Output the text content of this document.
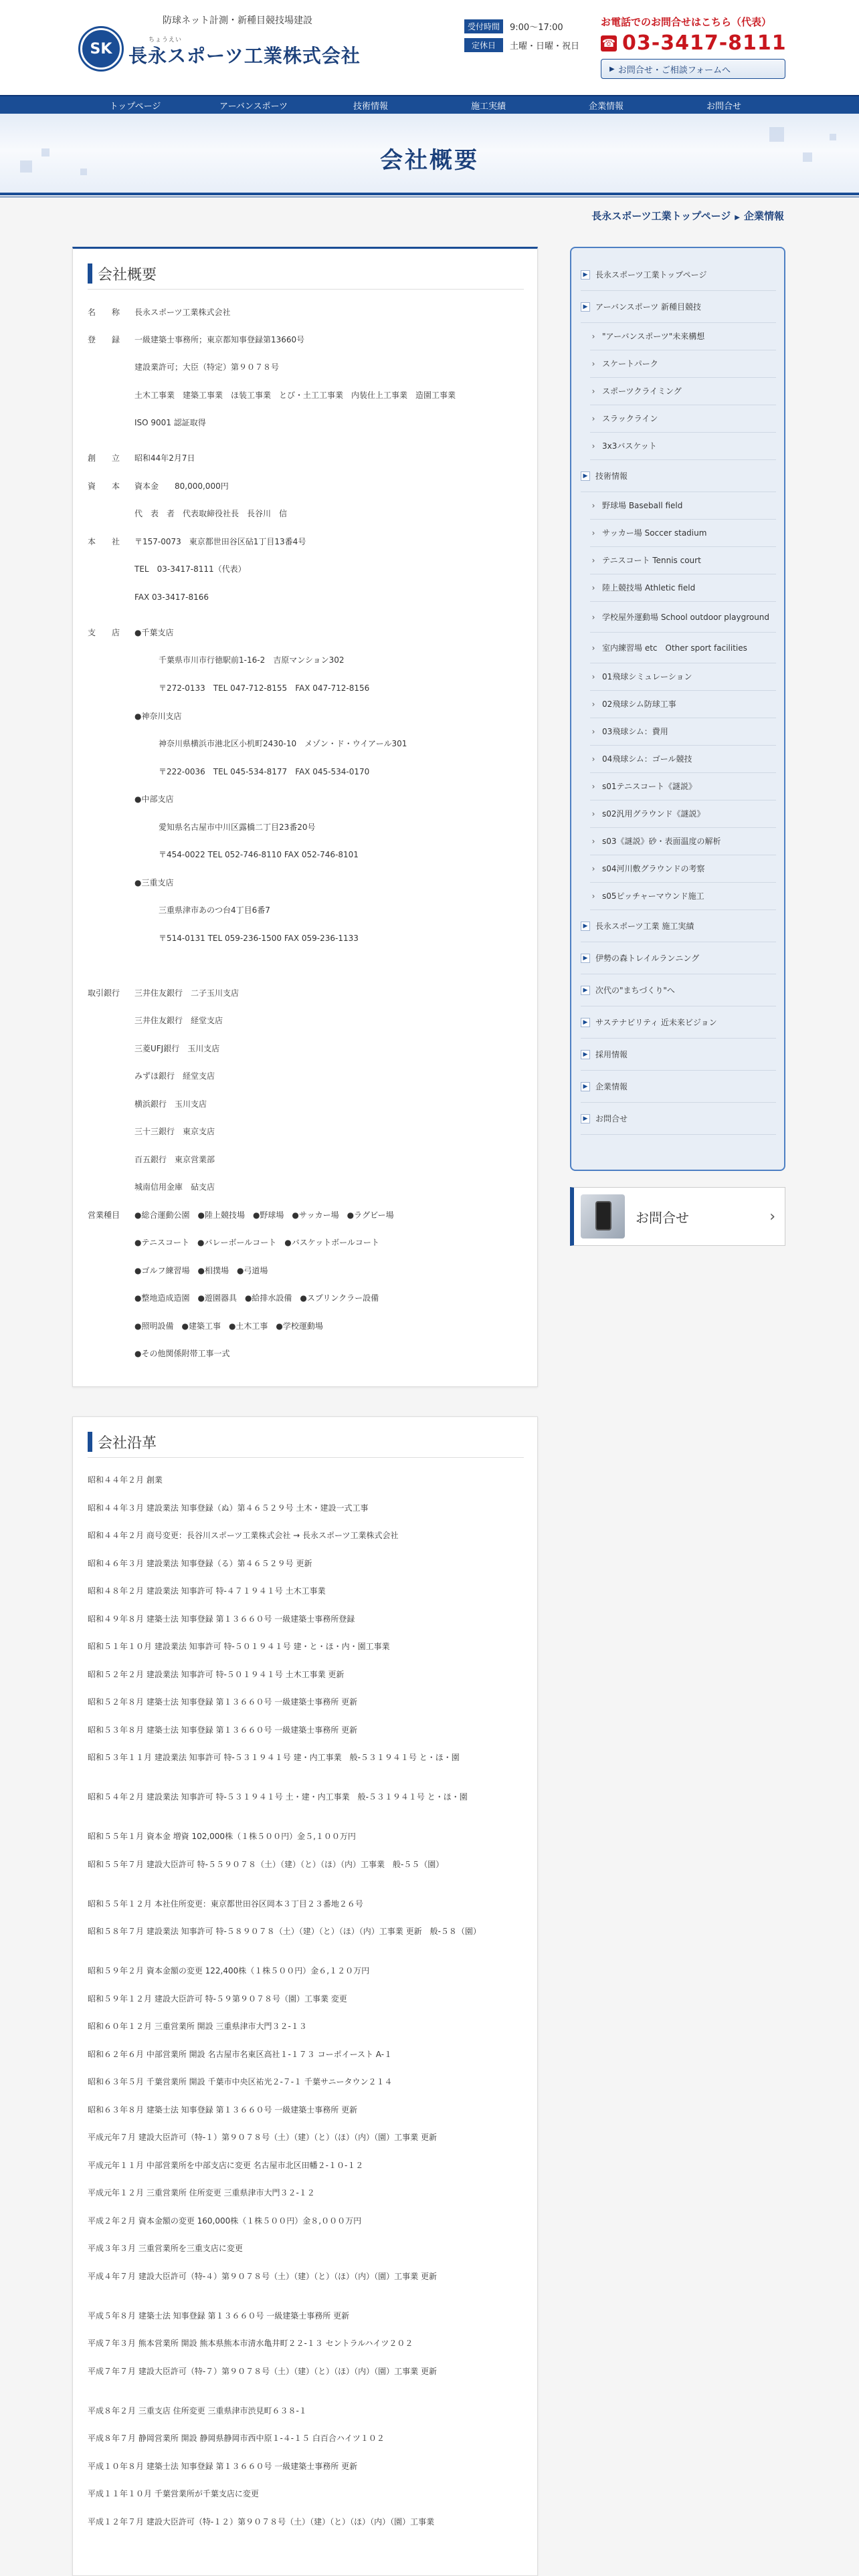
防球ネット計測・新種目競技場建設
SK
ちょうえい
長永スポーツ工業株式会社
受付時間	9:00～17:00
定休日	土曜・日曜・祝日
お電話でのお問合せはこちら（代表）
☎ 03-3417-8111
▶ お問合せ・ご相談フォームへ
トップページ	アーバンスポーツ	技術情報	施工実績	企業情報	お問合せ
会社概要
長永スポーツ工業トップページ ▶ 企業情報
会社概要
名　　称 長永スポーツ工業株式会社
登　　録 一級建築士事務所；東京都知事登録第13660号
建設業許可；大臣（特定）第９０７８号
土木工事業　建築工事業　ほ装工事業　とび・土工工事業　内装仕上工事業　造園工事業
ISO 9001 認証取得
創　　立 昭和44年2月7日
資　　本 資本金　　80,000,000円
代　表　者　代表取締役社長　長谷川　信
本　　社 〒157-0073　東京都世田谷区砧1丁目13番4号
TEL　03-3417-8111（代表）
FAX 03-3417-8166
支　　店 ●千葉支店
千葉県市川市行徳駅前1-16-2　吉原マンション302
〒272-0133　TEL 047-712-8155　FAX 047-712-8156
●神奈川支店
神奈川県横浜市港北区小机町2430-10　メゾン・ド・ウイアール301
〒222-0036　TEL 045-534-8177　FAX 045-534-0170
●中部支店
愛知県名古屋市中川区露橋二丁目23番20号
〒454-0022 TEL 052-746-8110 FAX 052-746-8101
●三重支店
三重県津市あのつ台4丁目6番7
〒514-0131 TEL 059-236-1500 FAX 059-236-1133
取引銀行 三井住友銀行　二子玉川支店
三井住友銀行　経堂支店
三菱UFJ銀行　玉川支店
みずほ銀行　経堂支店
横浜銀行　玉川支店
三十三銀行　東京支店
百五銀行　東京営業部
城南信用金庫　砧支店
営業種目 ●総合運動公園　●陸上競技場　●野球場　●サッカー場　●ラグビー場
●テニスコート　●バレーボールコート　●バスケットボールコート
●ゴルフ練習場　●相撲場　●弓道場
●整地造成造園　●遊園器具　●給排水設備　●スプリンクラー設備
●照明設備　●建築工事　●土木工事　●学校運動場
●その他関係附帯工事一式
会社沿革
昭和４４年２月 創業
昭和４４年３月 建設業法 知事登録（ぬ）第４６５２９号 土木・建設一式工事
昭和４４年２月 商号変更：長谷川スポーツ工業株式会社 → 長永スポーツ工業株式会社
昭和４６年３月 建設業法 知事登録（る）第４６５２９号 更新
昭和４８年２月 建設業法 知事許可 特-４７１９４１号 土木工事業
昭和４９年８月 建築士法 知事登録 第１３６６０号 一級建築士事務所登録
昭和５１年１０月 建設業法 知事許可 特-５０１９４１号 建・と・ほ・内・園工事業
昭和５２年２月 建設業法 知事許可 特-５０１９４１号 土木工事業 更新
昭和５２年８月 建築士法 知事登録 第１３６６０号 一級建築士事務所 更新
昭和５３年８月 建築士法 知事登録 第１３６６０号 一級建築士事務所 更新
昭和５３年１１月 建設業法 知事許可 特-５３１９４１号 建・内工事業　般-５３１９４１号 と・ほ・園
昭和５４年２月 建設業法 知事許可 特-５３１９４１号 土・建・内工事業　般-５３１９４１号 と・ほ・園
昭和５５年１月 資本金 増資 102,000株（１株５００円）金５,１００万円
昭和５５年７月 建設大臣許可 特-５５９０７８（土）（建）（と）（ほ）（内）工事業　般-５５（園）
昭和５５年１２月 本社住所変更：東京都世田谷区岡本３丁目２３番地２６号
昭和５８年７月 建設業法 知事許可 特-５８９０７８（土）（建）（と）（ほ）（内）工事業 更新　般-５８（園）
昭和５９年２月 資本金額の変更 122,400株（１株５００円）金６,１２０万円
昭和５９年１２月 建設大臣許可 特-５９第９０７８号（園）工事業 変更
昭和６０年１２月 三重営業所 開設 三重県津市大門３２-１３
昭和６２年６月 中部営業所 開設 名古屋市名東区高社１-１７３ コーポイースト A-１
昭和６３年５月 千葉営業所 開設 千葉市中央区祐光２-７-１ 千葉サニータウン２１４
昭和６３年８月 建築士法 知事登録 第１３６６０号 一級建築士事務所 更新
平成元年７月 建設大臣許可（特-１）第９０７８号（土）（建）（と）（ほ）（内）（園）工事業 更新
平成元年１１月 中部営業所を中部支店に変更 名古屋市北区田幡２-１０-１２
平成元年１２月 三重営業所 住所変更 三重県津市大門３２-１２
平成２年２月 資本金額の変更 160,000株（１株５００円）金８,０００万円
平成３年３月 三重営業所を三重支店に変更
平成４年７月 建設大臣許可（特-４）第９０７８号（土）（建）（と）（ほ）（内）（園）工事業 更新
平成５年８月 建築士法 知事登録 第１３６６０号 一級建築士事務所 更新
平成７年３月 熊本営業所 開設 熊本県熊本市清水亀井町２２-１３ セントラルハイツ２０２
平成７年７月 建設大臣許可（特-７）第９０７８号（土）（建）（と）（ほ）（内）（園）工事業 更新
平成８年２月 三重支店 住所変更 三重県津市渋見町６３８-１
平成８年７月 静岡営業所 開設 静岡県静岡市西中原１-４-１５ 白百合ハイツ１０２
平成１０年８月 建築士法 知事登録 第１３６６０号 一級建築士事務所 更新
平成１１年１０月 千葉営業所が千葉支店に変更
平成１２年７月 建設大臣許可（特-１２）第９０７８号（土）（建）（と）（ほ）（内）（園）工事業
▶ 長永スポーツ工業トップページ
▶ アーバンスポーツ 新種目競技
› "アーバンスポーツ"未来構想
› スケートパーク
› スポーツクライミング
› スラックライン
› 3x3バスケット
▶ 技術情報
› 野球場 Baseball field
› サッカー場 Soccer stadium
› テニスコート Tennis court
› 陸上競技場 Athletic field
› 学校屋外運動場 School outdoor playground
› 室内練習場 etc　Other sport facilities
› 01飛球シミュレーション
› 02飛球シム防球工事
› 03飛球シム：費用
› 04飛球シム：ゴール競技
› s01テニスコート《謎説》
› s02汎用グラウンド《謎説》
› s03《謎説》砂・表面温度の解析
› s04河川敷グラウンドの考察
› s05ピッチャーマウンド施工
▶ 長永スポーツ工業 施工実績
▶ 伊勢の森トレイルランニング
▶ 次代の"まちづくり"へ
▶ サステナビリティ 近未来ビジョン
▶ 採用情報
▶ 企業情報
▶ お問合せ
お問合せ	›
